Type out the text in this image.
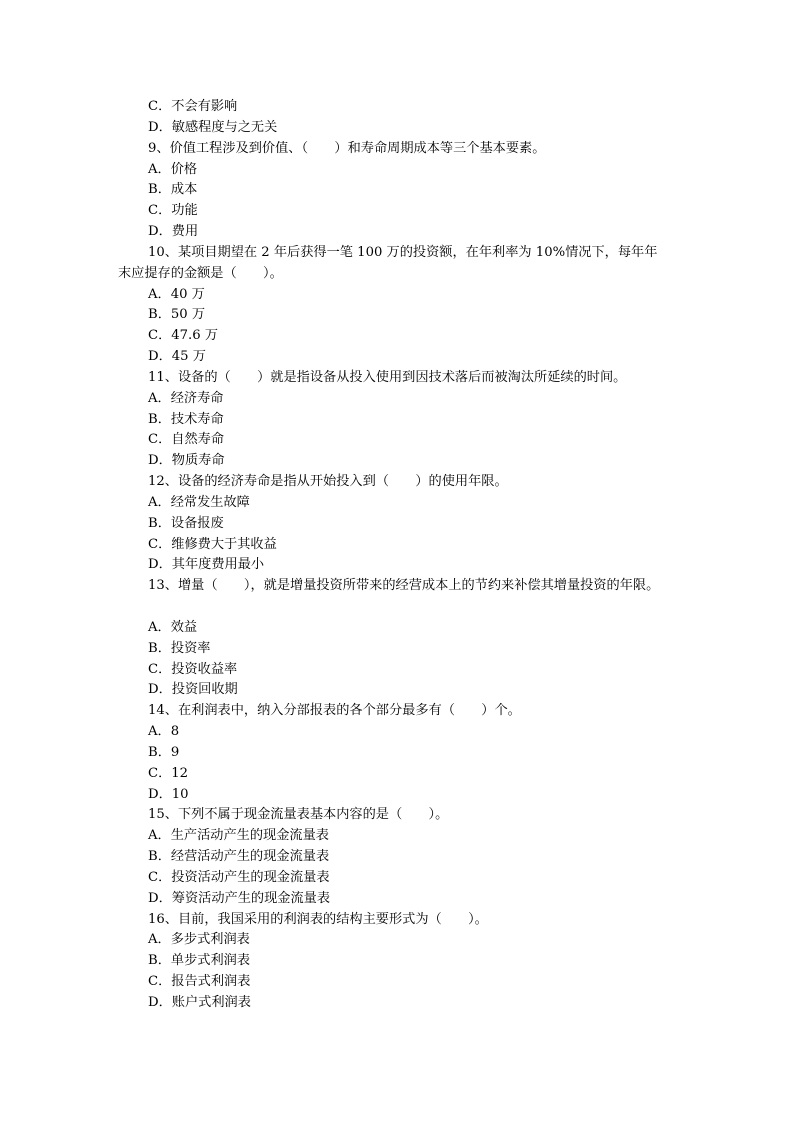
C．不会有影响
D．敏感程度与之无关
9、价值工程涉及到价值、（　　）和寿命周期成本等三个基本要素。
A．价格
B．成本
C．功能
D．费用
10、某项目期望在 2 年后获得一笔 100 万的投资额，在年利率为 10%情况下，每年年
末应提存的金额是（　　）。
A．40 万
B．50 万
C．47.6 万
D．45 万
11、设备的（　　）就是指设备从投入使用到因技术落后而被淘汰所延续的时间。
A．经济寿命
B．技术寿命
C．自然寿命
D．物质寿命
12、设备的经济寿命是指从开始投入到（　　）的使用年限。
A．经常发生故障
B．设备报废
C．维修费大于其收益
D．其年度费用最小
13、增量（　　），就是增量投资所带来的经营成本上的节约来补偿其增量投资的年限。
A．效益
B．投资率
C．投资收益率
D．投资回收期
14、在利润表中，纳入分部报表的各个部分最多有（　　）个。
A．8
B．9
C．12
D．10
15、下列不属于现金流量表基本内容的是（　　）。
A．生产活动产生的现金流量表
B．经营活动产生的现金流量表
C．投资活动产生的现金流量表
D．筹资活动产生的现金流量表
16、目前，我国采用的利润表的结构主要形式为（　　）。
A．多步式利润表
B．单步式利润表
C．报告式利润表
D．账户式利润表
